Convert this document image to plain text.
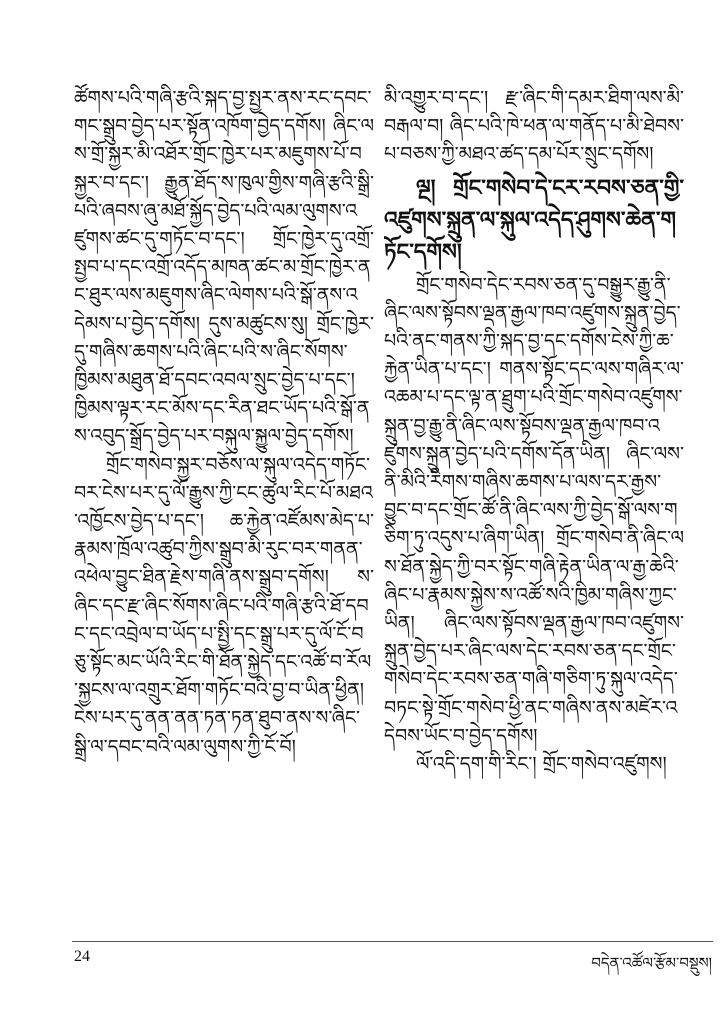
ཚོགས་པའི་གཞི་རྩའི་སྐད་བྱ་སྤྱར་ནས་རང་དབང་གང་སྒྲུབ་བྱེད་པར་སྟོན་འཁོག་བྱེད་དགོས། ཞིང་ལས་གྲོ་སྐྱར་མི་འཐོར་གྲོང་ཁྱེར་པར་མཇུགས་པོ་བསྐྱར་བ་དང་། རྒྱུན་ཐོད་ས་ཁུལ་གྱིས་གཞི་རྩའི་སྒྲི་པའི་ཞབས་ཞུ་མཐོ་སྐྱོད་བྱེད་པའི་ལམ་ལུགས་འཛུགས་ཚང་དུ་གཏོང་བ་དང་། གྲོང་ཁྱེར་དུ་འགྲོ་སྤྱབ་པ་དང་འགྲོ་འདོད་མཁན་ཚང་མ་གྲོང་ཁྱེར་ནང་ཐུར་ལས་མཇུགས་ཞིང་ལེགས་པའི་སྒོ་ནས་འདེམས་པ་བྱེད་དགོས། དུས་མཚུངས་སུ། གྲོང་ཁྱེར་དུ་གཞིས་ཆགས་པའི་ཞིང་པའི་ས་ཞིང་སོགས་ཁྱིམས་མཐུན་ཐོ་དབང་འབལ་སྲུང་བྱེད་པ་དང་། ཁྱིམས་ལྟར་རང་མོས་དང་རིན་ཐང་ཡོད་པའི་སྒོ་ནས་འབུད་སྒྲོད་བྱེད་པར་བསྐུལ་སྐྱུལ་བྱེད་དགོས།

གྲོང་གསེབ་སྐྱར་བཅོས་ལ་སྐུལ་འདེད་གཏོང་བར་ངེས་པར་དུ་ལོ་རྒྱུས་ཀྱི་ངང་ཚུལ་རིང་པོ་མཐའ་འཁྱོངས་བྱེད་པ་དང་། ཆ་རྐྱེན་འཛོམས་མེད་པ་རྣམས་ཁྲོལ་འཚུབ་ཀྱིས་སྒྲུབ་མི་རུང་བར་གནན་འཕེལ་བྱུང་ཐིན་རྗེས་གཞི་ནས་སྒྲུབ་དགོས། ས་ཞིང་དང་རྫ་ཞིང་སོགས་ཞིང་པའི་གཞི་རྩའི་ཐོ་དབང་དང་འབྲེལ་བ་ཡོད་པ་སྤྱི་དང་སྒྲུ་པར་དུ་ལོ་ངོ་བཅུ་སྟོང་མང་ཡོའི་རིང་གི་ཐོན་སྐྱེད་དང་འཚོ་བ་རོལ་སྐྱངས་ལ་འགྲུར་ཐོག་གཏོང་བའི་བྱ་བ་ཡིན་ཕྱིན། ངེས་པར་དུ་ནན་ནན་ཏན་ཏན་ཐུབ་ནས་ས་ཞིང་སྒྲི་ལ་དབང་བའི་ལམ་ལུགས་ཀྱི་ངོ་བོ།

མི་འགྱུར་བ་དང་། རྫ་ཞིང་གི་དམར་ཐིག་ལས་མི་བརྒལ་བ། ཞིང་པའི་ཁེ་ཕན་ལ་གནོད་པ་མི་ཐེབས་པ་བཅས་ཀྱི་མཐའ་ཚད་དམ་པོར་སྲུང་དགོས།

ལྔ། གྲོང་གསེབ་དེ་ངར་རབས་ཅན་གྱི་འཛུགས་སྐྲུན་ལ་སྐུལ་འདེད་ཤུགས་ཆེན་གཏོང་དགོས།

གྲོང་གསེབ་དེང་རབས་ཅན་དུ་བསྒྱུར་རྒྱུ་ནི་ཞིང་ལས་སྟོབས་ལྡན་རྒྱལ་ཁབ་འཛུགས་སྐྲུན་བྱེད་པའི་ནང་གནས་ཀྱི་སྐད་བྱ་དང་དགོས་ངེས་ཀྱི་ཆ་རྐྱེན་ཡིན་པ་དང་། གནས་སྟོང་དང་ལས་གཞིར་ལ་འཆམ་པ་དང་ལྟ་ན་ཐྲུག་པའི་གྲོང་གསེབ་འཛུགས་སྐྲུན་བྱ་རྒྱུ་ནི་ཞིང་ལས་སྟོབས་ལྡན་རྒྱལ་ཁབ་འཛུགས་སྐྲུན་བྱེད་པའི་དགོས་དོན་ཡིན། ཞིང་ལས་ནི་མིའི་རིགས་གཞིས་ཆགས་པ་ལས་དར་རྒྱས་བྱུང་བ་དང་གྲོང་ཚོ་ནི་ཞིང་ལས་ཀྱི་བྱེད་སྒོ་ལས་གཅིག་ཏུ་འདུས་པ་ཞིག་ཡིན། གྲོང་གསེབ་ནི་ཞིང་ལས་ཐོན་སྐྱེད་ཀྱི་བར་སྟོང་གཞི་རྟེན་ཡིན་ལ་རྒྱ་ཆེའི་ཞིང་པ་རྣམས་སྐྱེས་ས་འཚོ་སའི་ཁྱིམ་གཞིས་ཀྱང་ཡིན། ཞིང་ལས་སྟོབས་ལྡན་རྒྱལ་ཁབ་འཛུགས་སྐྲུན་བྱེད་པར་ཞིང་ལས་དེང་རབས་ཅན་དང་གྲོང་གསེབ་དེང་རབས་ཅན་གཞི་གཅིག་ཏུ་སྐུལ་འདེད་བཏང་སྟེ་གྲོང་གསེབ་ཕྱི་ནང་གཞིས་ནས་མཛེར་འདེབས་ཡོང་བ་བྱེད་དགོས།

ལོ་འདི་དག་གི་རིང་། གྲོང་གསེབ་འཛུགས།

24	བདེན་འཚོལ་རྩོམ་བསྡུས།
